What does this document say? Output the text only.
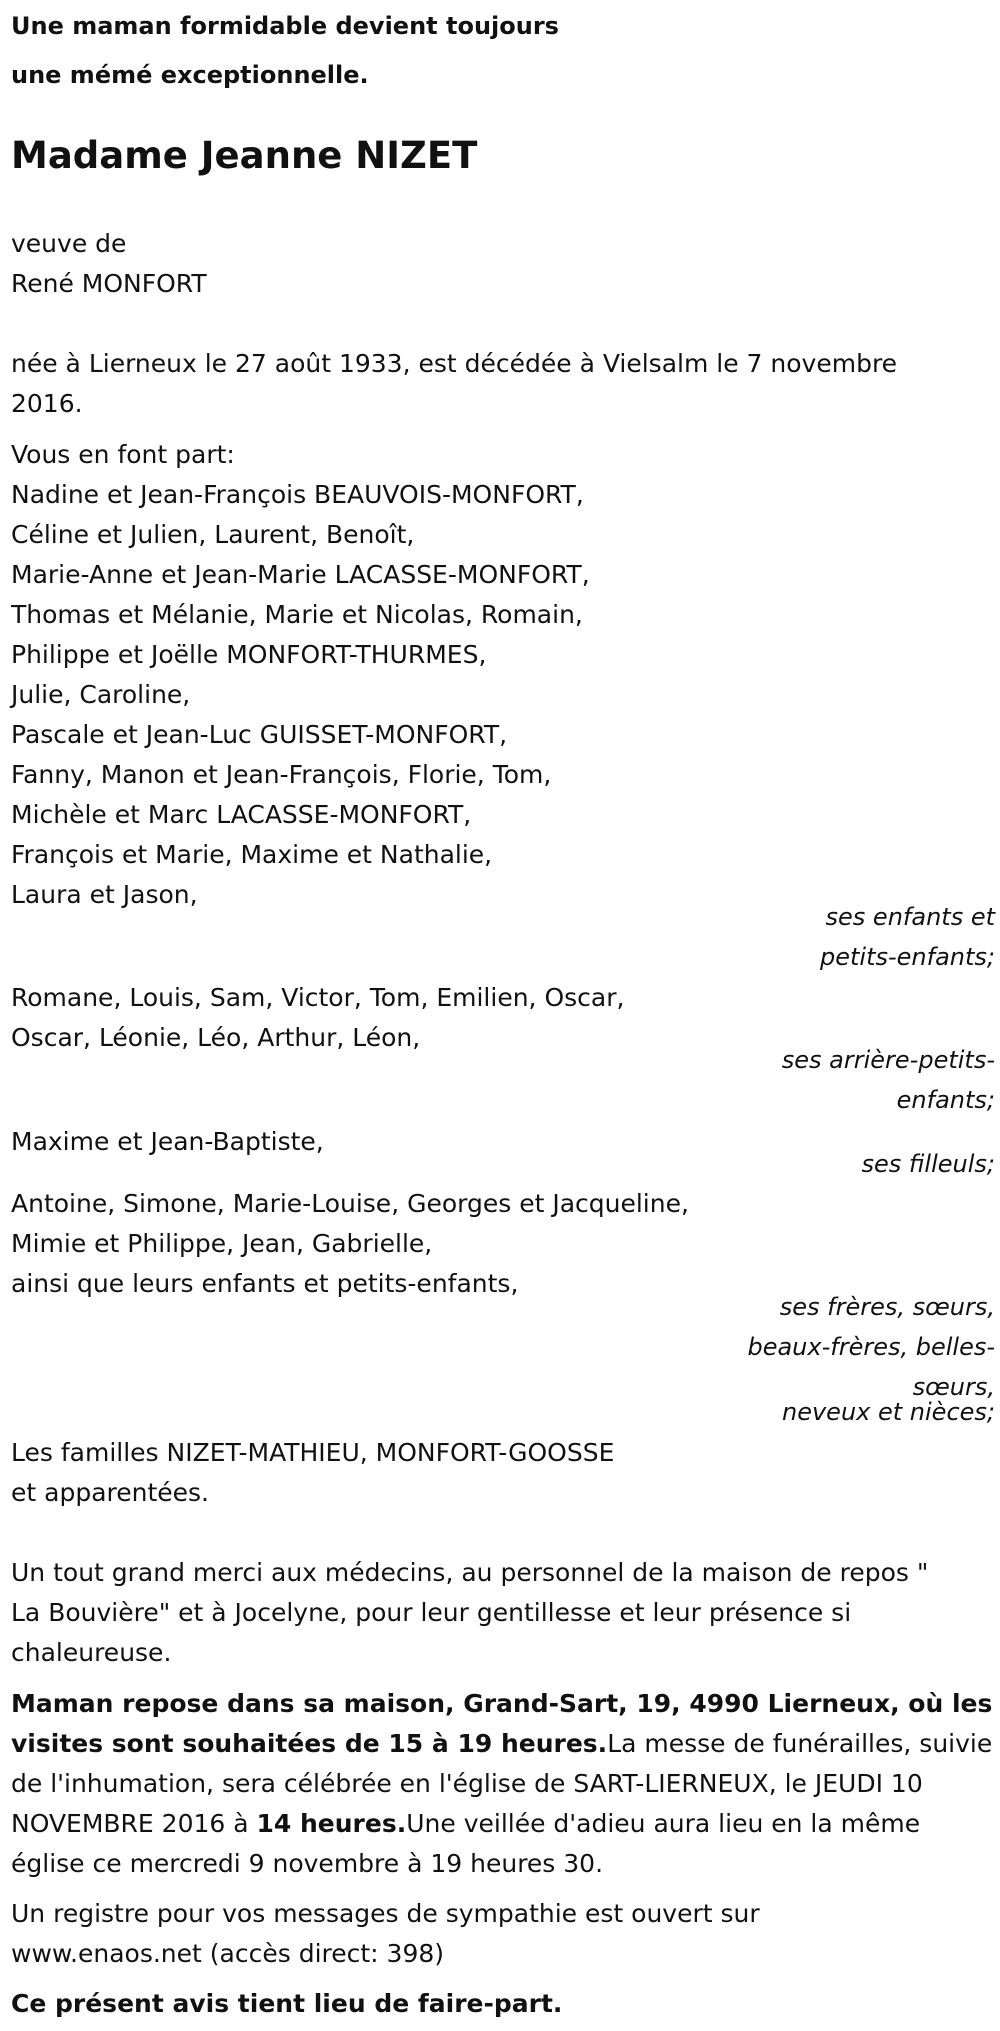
Une maman formidable devient toujours
une mémé exceptionnelle.
Madame Jeanne NIZET
veuve de
René MONFORT
née à Lierneux le 27 août 1933, est décédée à Vielsalm le 7 novembre
2016.
Vous en font part:
Nadine et Jean-François BEAUVOIS-MONFORT,
Céline et Julien, Laurent, Benoît,
Marie-Anne et Jean-Marie LACASSE-MONFORT,
Thomas et Mélanie, Marie et Nicolas, Romain,
Philippe et Joëlle MONFORT-THURMES,
Julie, Caroline,
Pascale et Jean-Luc GUISSET-MONFORT,
Fanny, Manon et Jean-François, Florie, Tom,
Michèle et Marc LACASSE-MONFORT,
François et Marie, Maxime et Nathalie,
Laura et Jason,
ses enfants et
petits-enfants;
Romane, Louis, Sam, Victor, Tom, Emilien, Oscar,
Oscar, Léonie, Léo, Arthur, Léon,
ses arrière-petits-
enfants;
Maxime et Jean-Baptiste,
ses filleuls;
Antoine, Simone, Marie-Louise, Georges et Jacqueline,
Mimie et Philippe, Jean, Gabrielle,
ainsi que leurs enfants et petits-enfants,
ses frères, sœurs,
beaux-frères, belles-
sœurs,
neveux et nièces;
Les familles NIZET-MATHIEU, MONFORT-GOOSSE
et apparentées.
Un tout grand merci aux médecins, au personnel de la maison de repos "
La Bouvière" et à Jocelyne, pour leur gentillesse et leur présence si
chaleureuse.
Maman repose dans sa maison, Grand-Sart, 19, 4990 Lierneux, où les
visites sont souhaitées de 15 à 19 heures.La messe de funérailles, suivie
de l'inhumation, sera célébrée en l'église de SART-LIERNEUX, le JEUDI 10
NOVEMBRE 2016 à 14 heures.Une veillée d'adieu aura lieu en la même
église ce mercredi 9 novembre à 19 heures 30.
Un registre pour vos messages de sympathie est ouvert sur
www.enaos.net (accès direct: 398)
Ce présent avis tient lieu de faire-part.
